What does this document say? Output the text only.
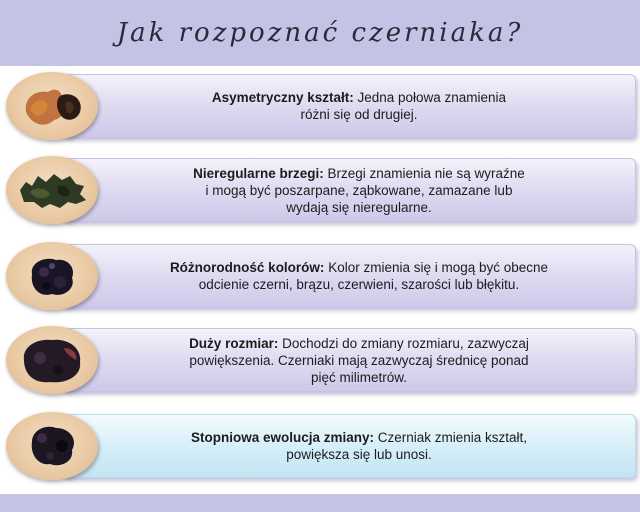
Jak rozpoznać czerniaka?
Asymetryczny kształt: Jedna połowa znamienia
różni się od drugiej.
Nieregularne brzegi: Brzegi znamienia nie są wyraźne
i mogą być poszarpane, ząbkowane, zamazane lub
wydają się nieregularne.
Różnorodność kolorów: Kolor zmienia się i mogą być obecne
odcienie czerni, brązu, czerwieni, szarości lub błękitu.
Duży rozmiar: Dochodzi do zmiany rozmiaru, zazwyczaj
powiększenia. Czerniaki mają zazwyczaj średnicę ponad
pięć milimetrów.
Stopniowa ewolucja zmiany: Czerniak zmienia kształt,
powiększa się lub unosi.
